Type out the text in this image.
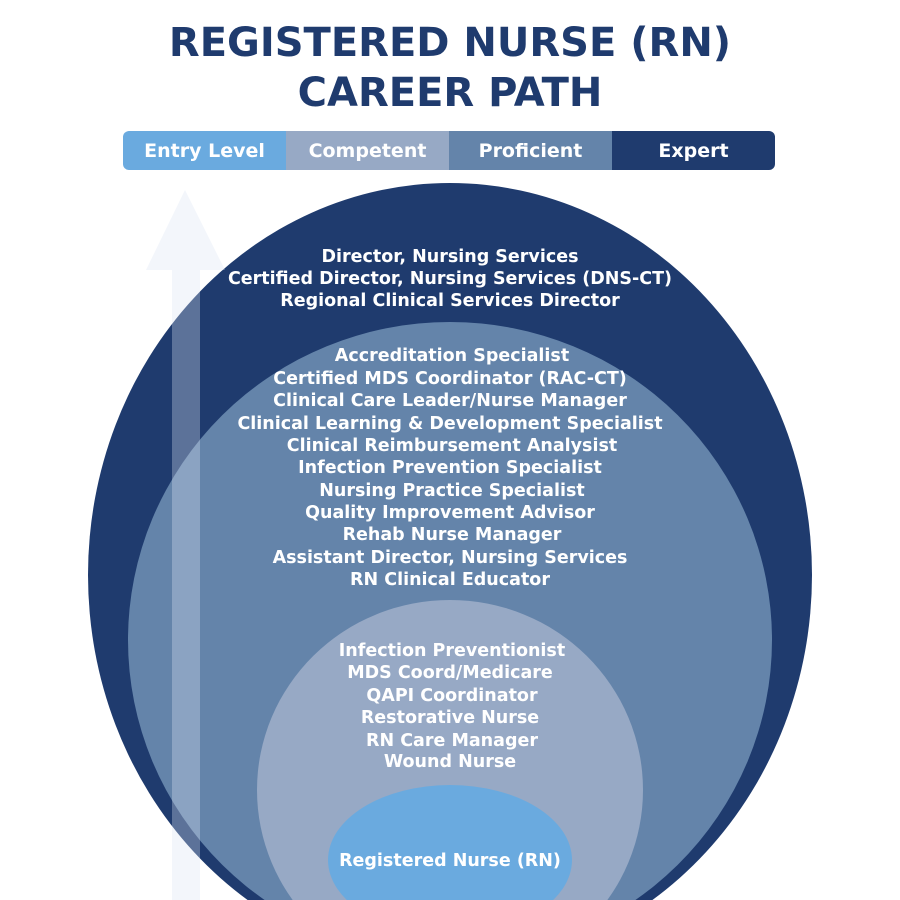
REGISTERED NURSE (RN)
CAREER PATH
Entry Level	Competent	Proficient	Expert
Director, Nursing Services
Certified Director, Nursing Services (DNS-CT)
Regional Clinical Services Director
Accreditation Specialist
Certified MDS Coordinator (RAC-CT)
Clinical Care Leader/Nurse Manager
Clinical Learning & Development Specialist
Clinical Reimbursement Analysist
Infection Prevention Specialist
Nursing Practice Specialist
Quality Improvement Advisor
Rehab Nurse Manager
Assistant Director, Nursing Services
RN Clinical Educator
Infection Preventionist
MDS Coord/Medicare
QAPI Coordinator
Restorative Nurse
RN Care Manager
Wound Nurse
Registered Nurse (RN)
